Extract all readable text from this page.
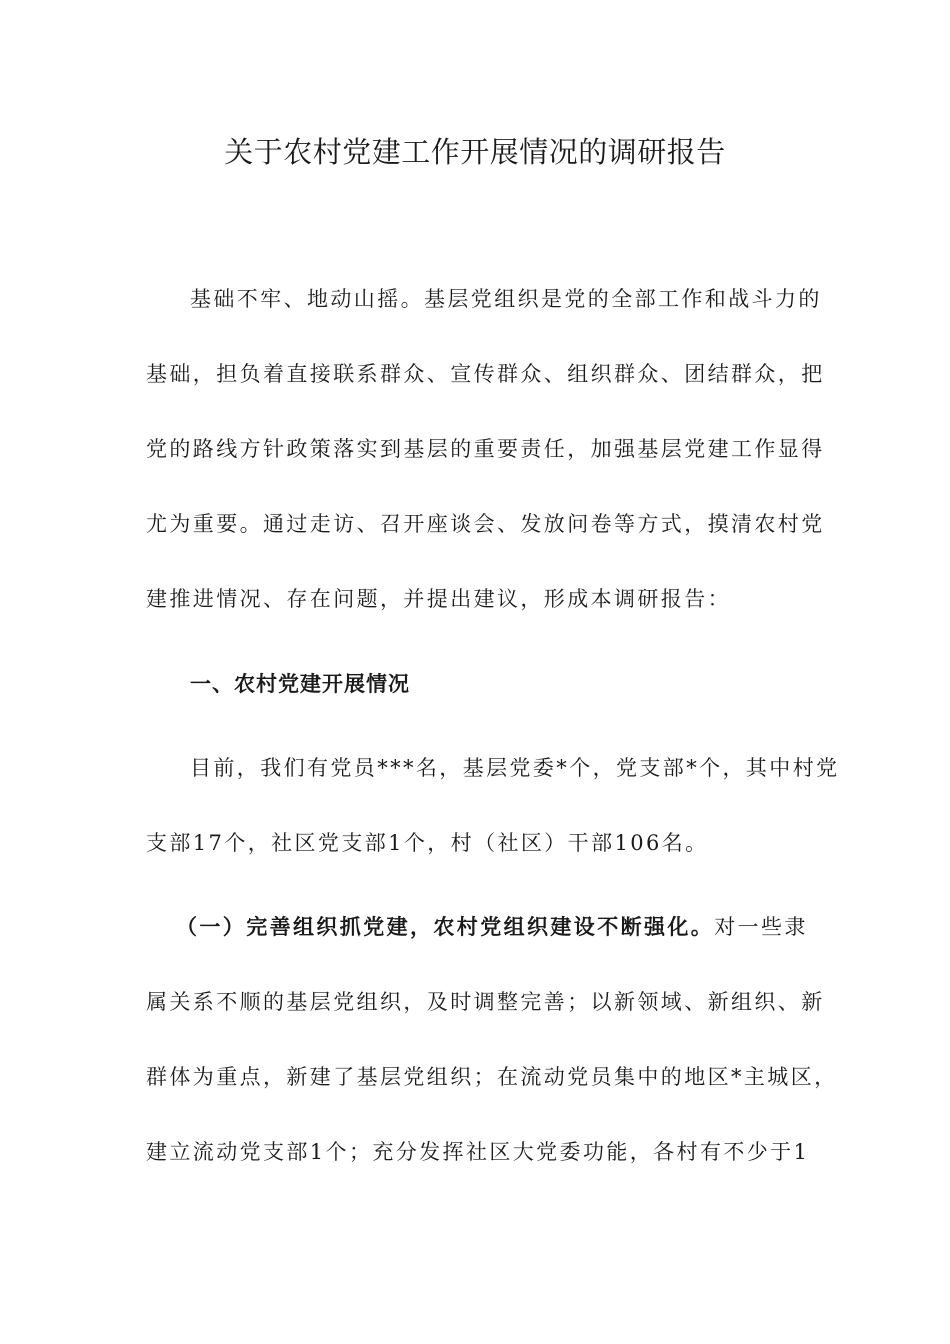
关于农村党建工作开展情况的调研报告
基础不牢、地动山摇。基层党组织是党的全部工作和战斗力的
基础，担负着直接联系群众、宣传群众、组织群众、团结群众，把
党的路线方针政策落实到基层的重要责任，加强基层党建工作显得
尤为重要。通过走访、召开座谈会、发放问卷等方式，摸清农村党
建推进情况、存在问题，并提出建议，形成本调研报告：
一、农村党建开展情况
目前，我们有党员***名，基层党委*个，党支部*个，其中村党
支部17个，社区党支部1个，村（社区）干部106名。
（一）完善组织抓党建，农村党组织建设不断强化。对一些隶
属关系不顺的基层党组织，及时调整完善；以新领域、新组织、新
群体为重点，新建了基层党组织；在流动党员集中的地区*主城区，
建立流动党支部1个；充分发挥社区大党委功能，各村有不少于1
